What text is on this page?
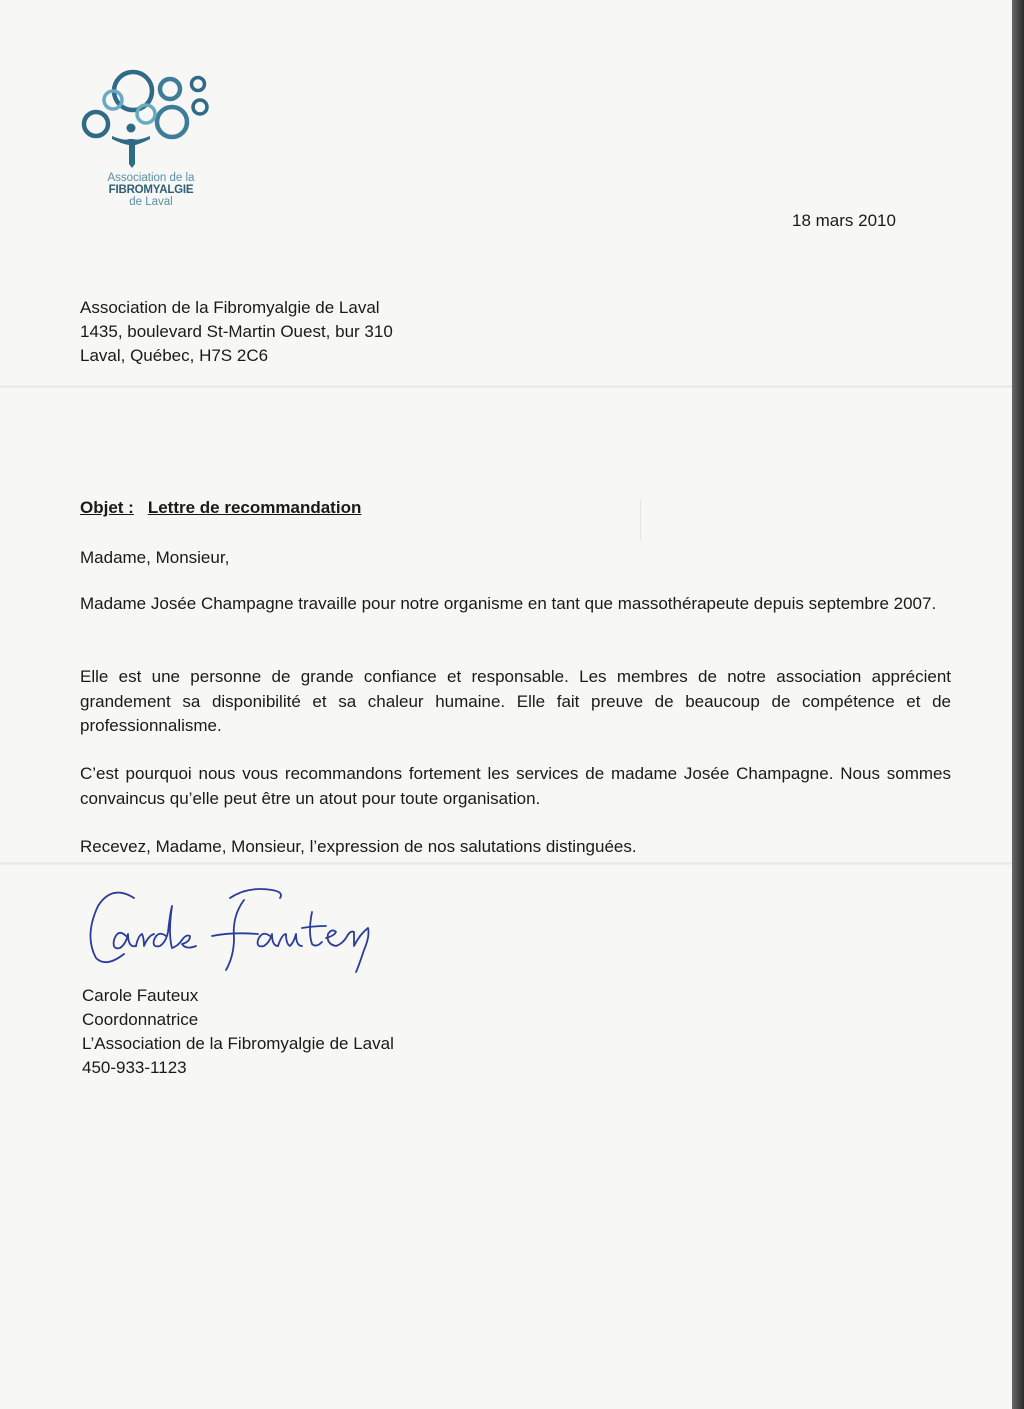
Association de la
FIBROMYALGIE
de Laval
18 mars 2010
Association de la Fibromyalgie de Laval
1435, boulevard St-Martin Ouest, bur 310
Laval, Québec, H7S 2C6
Objet : Lettre de recommandation
Madame, Monsieur,
Madame Josée Champagne travaille pour notre organisme en tant que massothérapeute depuis septembre 2007.
Elle est une personne de grande confiance et responsable. Les membres de notre association apprécient grandement sa disponibilité et sa chaleur humaine. Elle fait preuve de beaucoup de compétence et de professionnalisme.
C’est pourquoi nous vous recommandons fortement les services de madame Josée Champagne. Nous sommes convaincus qu’elle peut être un atout pour toute organisation.
Recevez, Madame, Monsieur, l’expression de nos salutations distinguées.
Carole Fauteux
Coordonnatrice
L’Association de la Fibromyalgie de Laval
450-933-1123
